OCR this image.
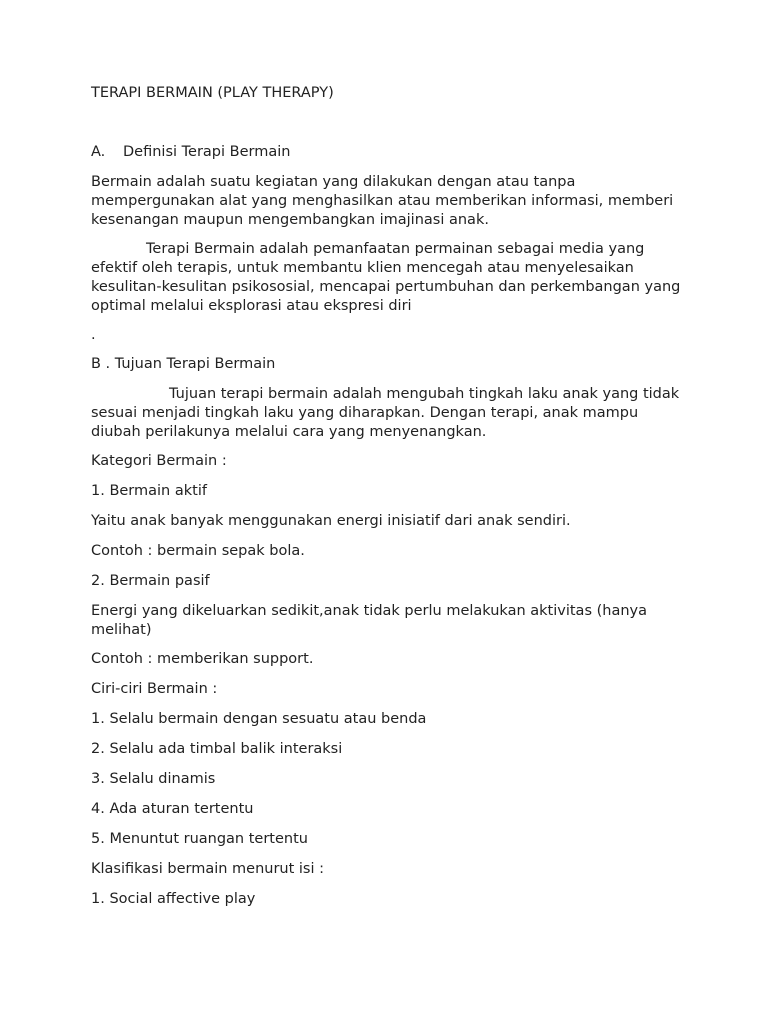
TERAPI BERMAIN (PLAY THERAPY)

A. Definisi Terapi Bermain

Bermain adalah suatu kegiatan yang dilakukan dengan atau tanpa mempergunakan alat yang menghasilkan atau memberikan informasi, memberi kesenangan maupun mengembangkan imajinasi anak.

Terapi Bermain adalah pemanfaatan permainan sebagai media yang efektif oleh terapis, untuk membantu klien mencegah atau menyelesaikan kesulitan-kesulitan psikososial, mencapai pertumbuhan dan perkembangan yang optimal melalui eksplorasi atau ekspresi diri

.

B . Tujuan Terapi Bermain

Tujuan terapi bermain adalah mengubah tingkah laku anak yang tidak sesuai menjadi tingkah laku yang diharapkan. Dengan terapi, anak mampu diubah perilakunya melalui cara yang menyenangkan.

Kategori Bermain :

1. Bermain aktif

Yaitu anak banyak menggunakan energi inisiatif dari anak sendiri.

Contoh : bermain sepak bola.

2. Bermain pasif

Energi yang dikeluarkan sedikit,anak tidak perlu melakukan aktivitas (hanya melihat)

Contoh : memberikan support.

Ciri-ciri Bermain :

1. Selalu bermain dengan sesuatu atau benda

2. Selalu ada timbal balik interaksi

3. Selalu dinamis

4. Ada aturan tertentu

5. Menuntut ruangan tertentu

Klasifikasi bermain menurut isi :

1. Social affective play
